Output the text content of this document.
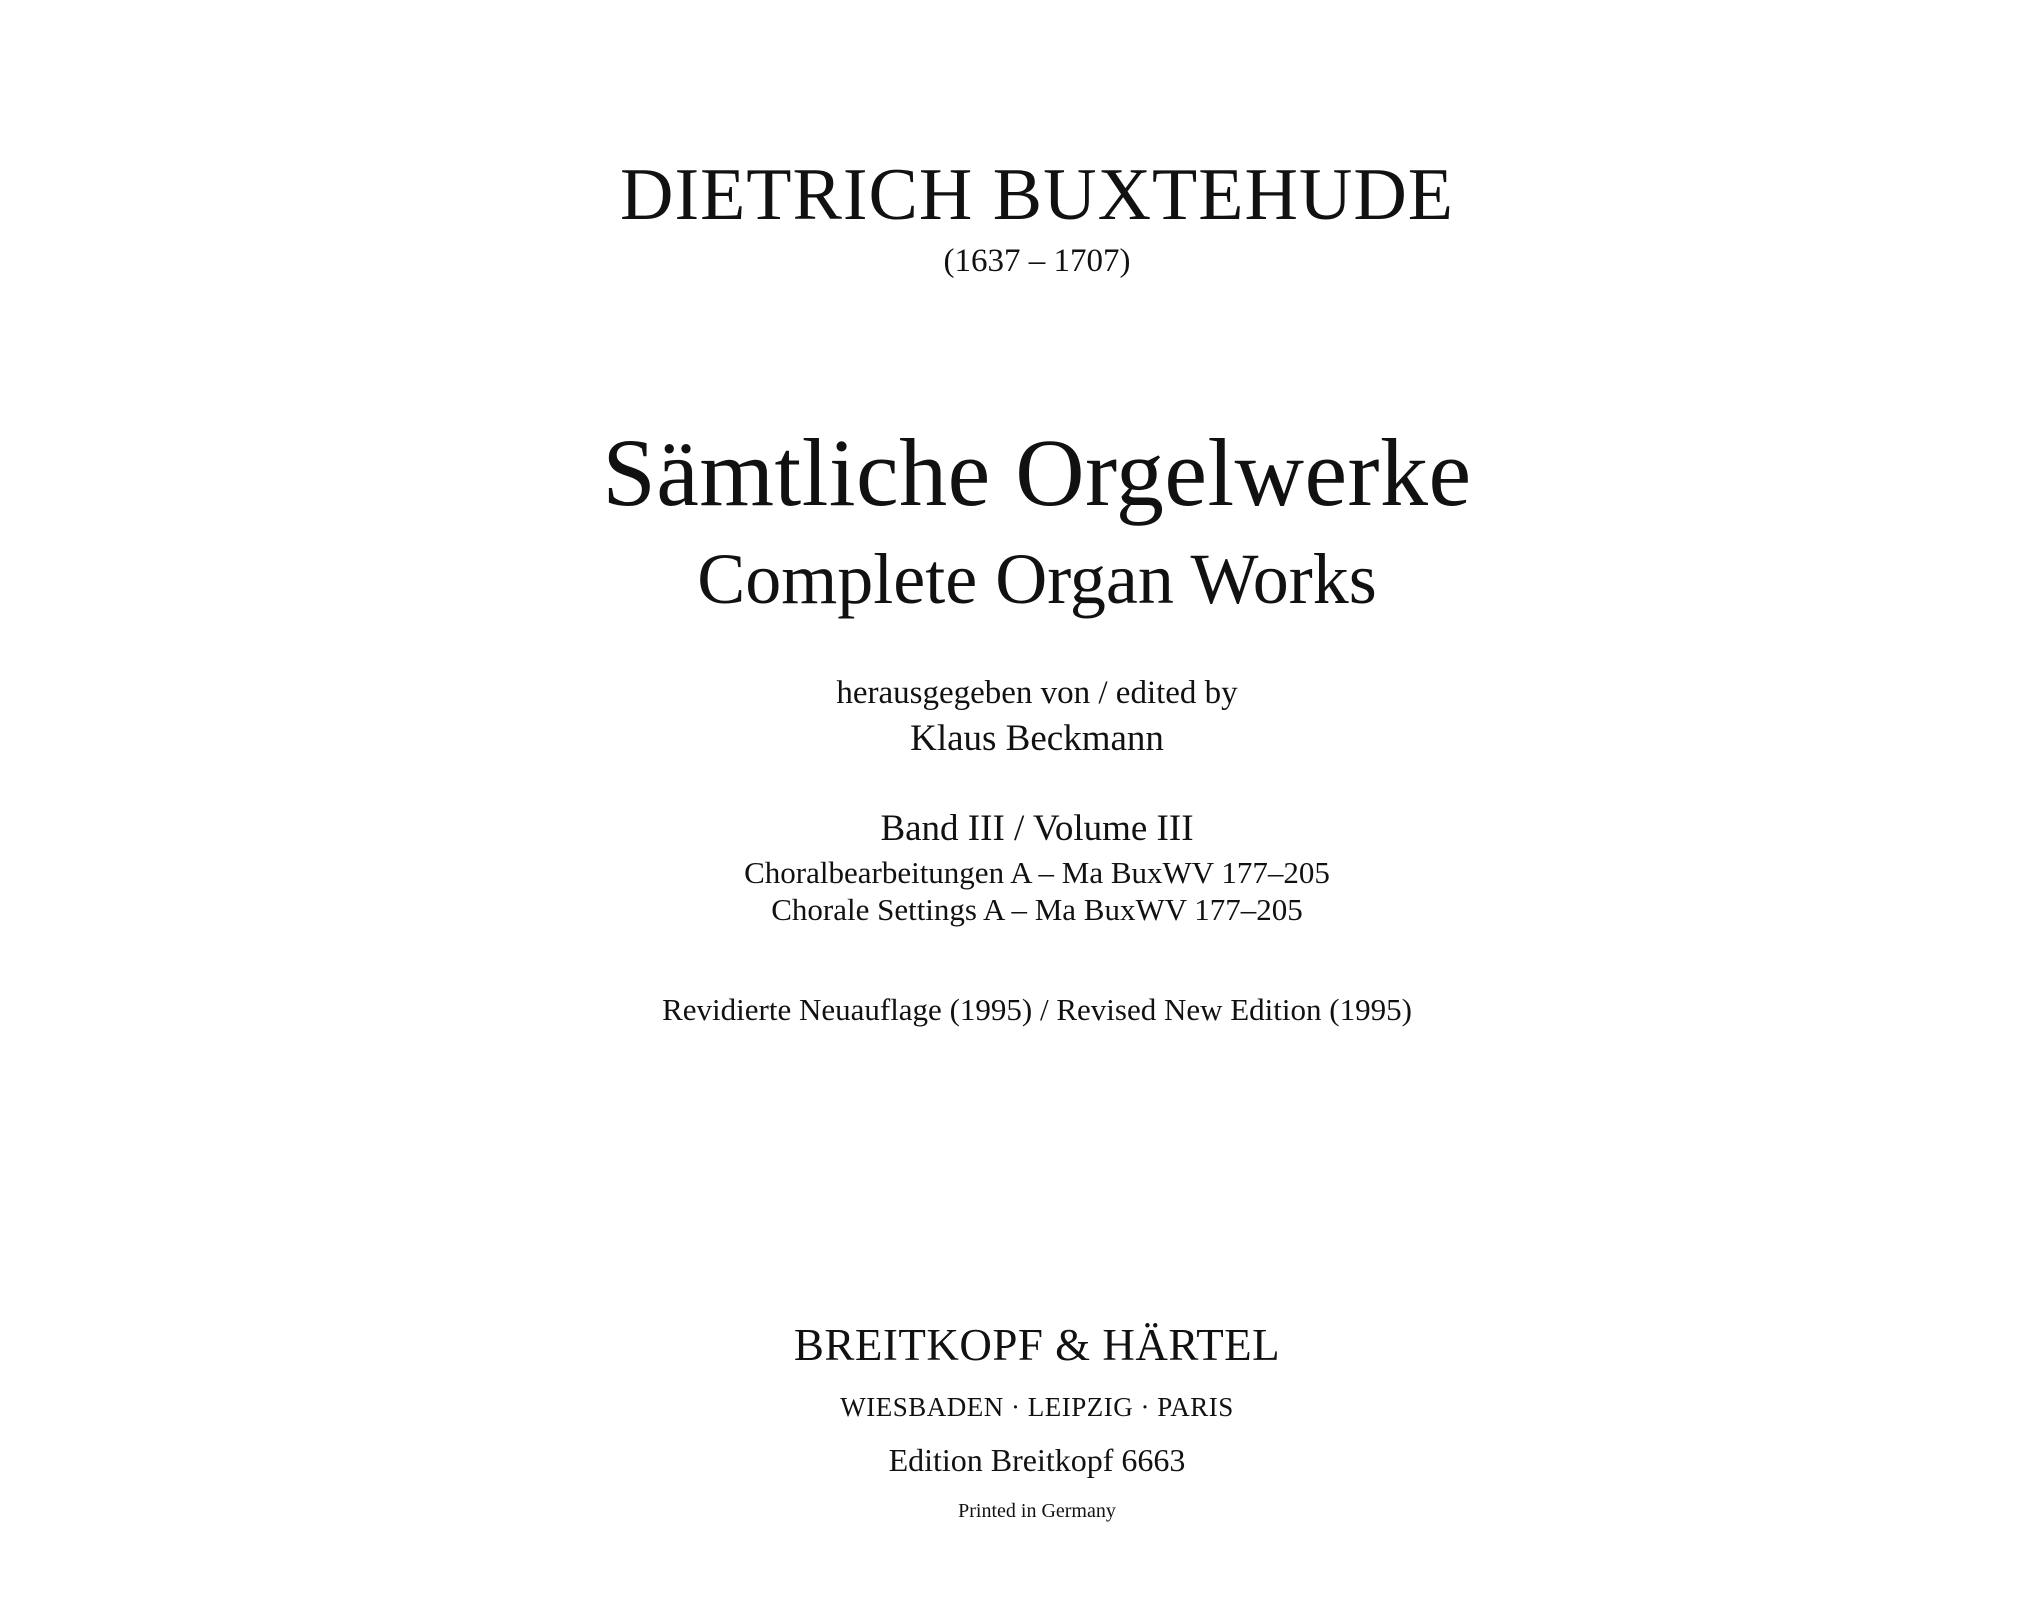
DIETRICH BUXTEHUDE
(1637 – 1707)
Sämtliche Orgelwerke
Complete Organ Works
herausgegeben von / edited by
Klaus Beckmann
Band III / Volume III
Choralbearbeitungen A – Ma BuxWV 177–205
Chorale Settings A – Ma BuxWV 177–205
Revidierte Neuauflage (1995) / Revised New Edition (1995)
BREITKOPF & HÄRTEL
WIESBADEN · LEIPZIG · PARIS
Edition Breitkopf 6663
Printed in Germany
